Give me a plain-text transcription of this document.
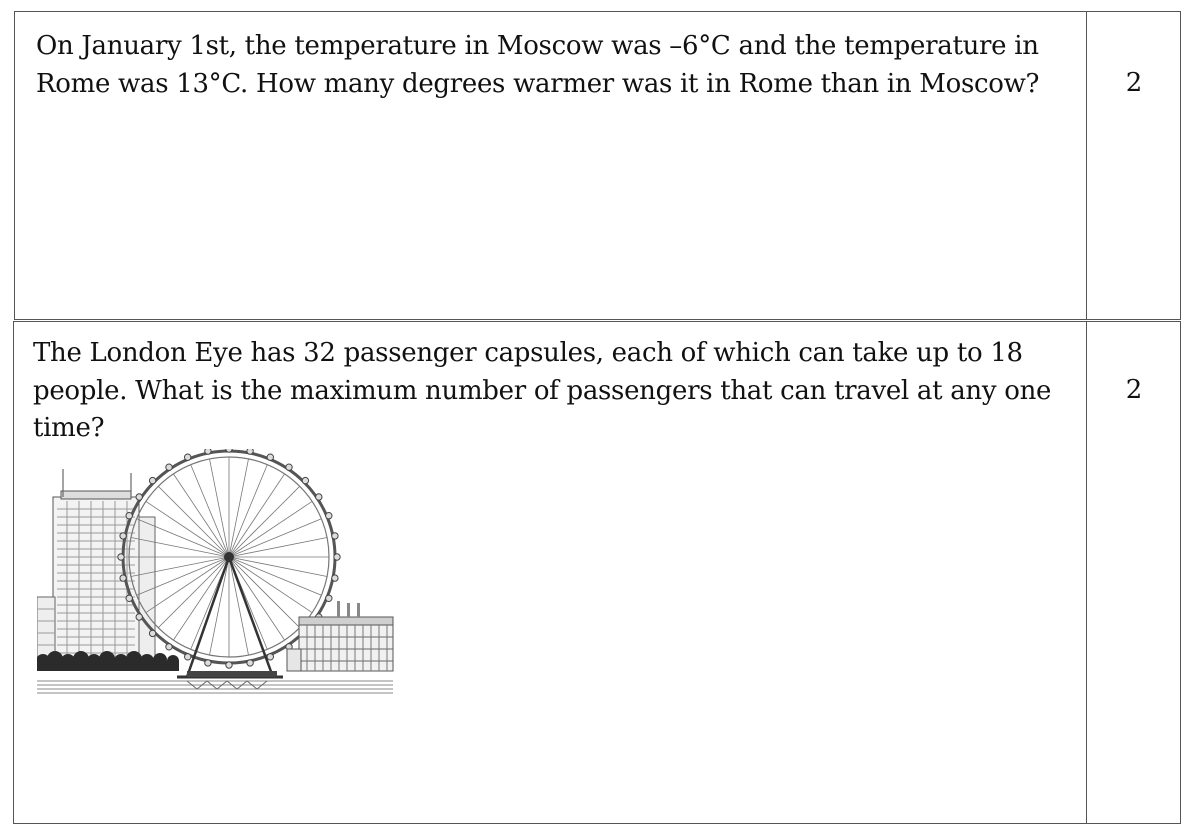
On January 1st, the temperature in Moscow was –6°C and the temperature in Rome was 13°C. How many degrees warmer was it in Rome than in Moscow?	2

The London Eye has 32 passenger capsules, each of which can take up to 18 people. What is the maximum number of passengers that can travel at any one time?

2
